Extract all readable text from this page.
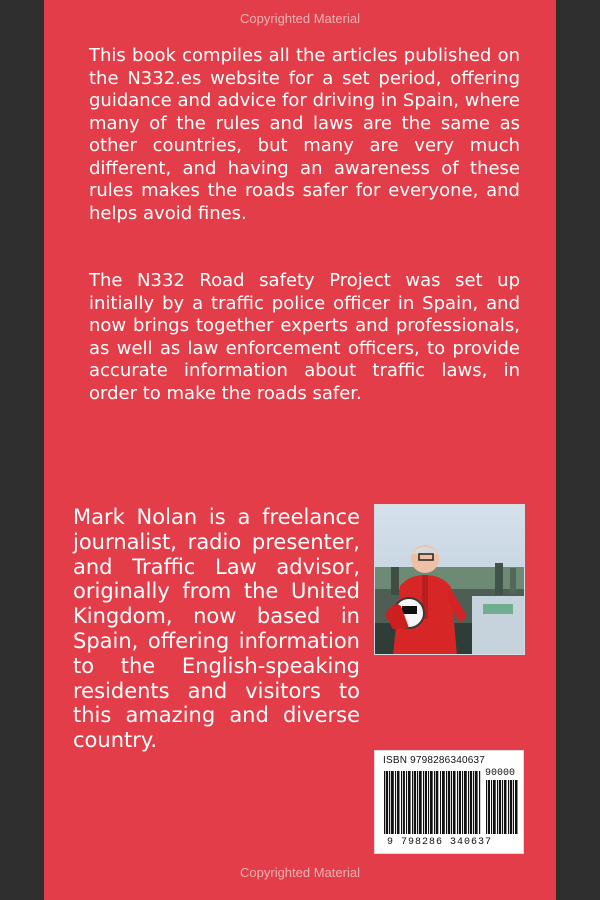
Copyrighted Material
This book compiles all the articles published on the N332.es website for a set period, offering guidance and advice for driving in Spain, where many of the rules and laws are the same as other countries, but many are very much different, and having an awareness of these rules makes the roads safer for everyone, and helps avoid fines.
The N332 Road safety Project was set up initially by a traffic police officer in Spain, and now brings together experts and professionals, as well as law enforcement officers, to provide accurate information about traffic laws, in order to make the roads safer.
Mark Nolan is a freelance journalist, radio presenter, and Traffic Law advisor, originally from the United Kingdom, now based in Spain, offering information to the English-speaking residents and visitors to this amazing and diverse country.
ISBN 9798286340637
90000
9 798286 340637
Copyrighted Material
